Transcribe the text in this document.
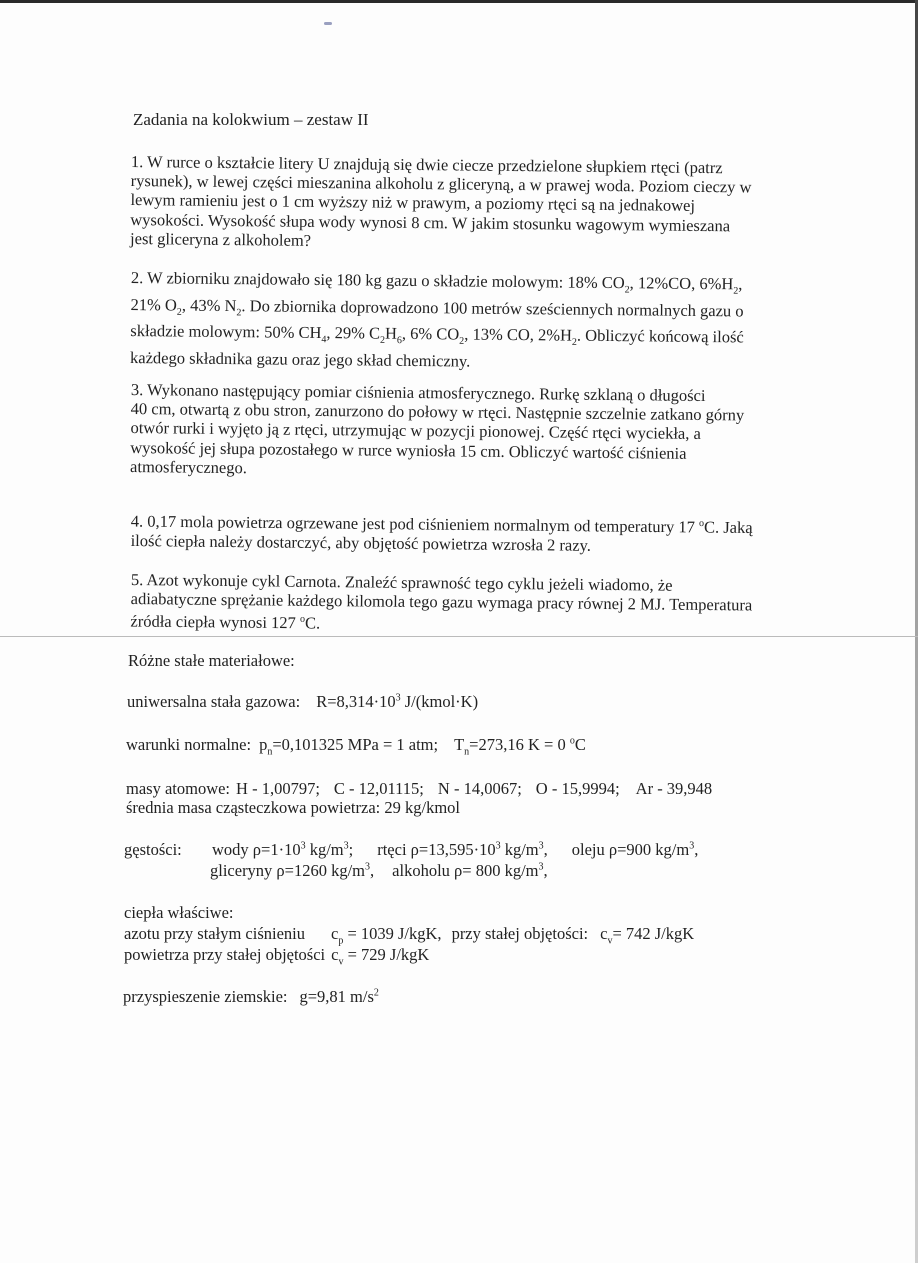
Zadania na kolokwium – zestaw II
1. W rurce o kształcie litery U znajdują się dwie ciecze przedzielone słupkiem rtęci (patrz
rysunek), w lewej części mieszanina alkoholu z gliceryną, a w prawej woda. Poziom cieczy w
lewym ramieniu jest o 1 cm wyższy niż w prawym, a poziomy rtęci są na jednakowej
wysokości. Wysokość słupa wody wynosi 8 cm. W jakim stosunku wagowym wymieszana
jest gliceryna z alkoholem?
2. W zbiorniku znajdowało się 180 kg gazu o składzie molowym: 18% $CO_2$, 12%CO, $6\%H_2$,
21% $O_2$, 43% $N_2$. Do zbiornika doprowadzono 100 metrów sześciennych normalnych gazu o
składzie molowym: 50% $CH_4$, 29% $C_2H_6$, 6% $CO_2$, 13% CO, $2\%H_2$. Obliczyć końcową ilość
każdego składnika gazu oraz jego skład chemiczny.
3. Wykonano następujący pomiar ciśnienia atmosferycznego. Rurkę szklaną o długości
40 cm, otwartą z obu stron, zanurzono do połowy w rtęci. Następnie szczelnie zatkano górny
otwór rurki i wyjęto ją z rtęci, utrzymując w pozycji pionowej. Część rtęci wyciekła, a
wysokość jej słupa pozostałego w rurce wyniosła 15 cm. Obliczyć wartość ciśnienia
atmosferycznego.
4. 0,17 mola powietrza ogrzewane jest pod ciśnieniem normalnym od temperatury 17 $^o$C. Jaką
ilość ciepła należy dostarczyć, aby objętość powietrza wzrosła 2 razy.
5. Azot wykonuje cykl Carnota. Znaleźć sprawność tego cyklu jeżeli wiadomo, że
adiabatyczne sprężanie każdego kilomola tego gazu wymaga pracy równej 2 MJ. Temperatura
źródła ciepła wynosi 127 $^o$C.
Różne stałe materiałowe:
uniwersalna stała gazowa: $R=8,314\cdot 10^3$ J/(kmol·K)
warunki normalne: $p_n=0,101325$ MPa = 1 atm; $T_n=273,16$ K = 0 $^o$C
masy atomowe: H - 1,00797; C - 12,01115; N - 14,0067; O - 15,9994; Ar - 39,948
średnia masa cząsteczkowa powietrza: 29 kg/kmol
gęstości: wody $\rho=1\cdot 10^3$ $kg/m^3$; rtęci $\rho=13,595\cdot 10^3$ $kg/m^3$, oleju ρ=900 $kg/m^3$,
gliceryny ρ=1260 $kg/m^3$, alkoholu ρ= 800 $kg/m^3$,
ciepła właściwe:
azotu przy stałym ciśnieniu $c_p = 1039$ J/kgK, przy stałej objętości: $c_v= 742$ J/kgK
powietrza przy stałej objętości $c_v = 729$ J/kgK
przyspieszenie ziemskie: g=9,81 $m/s^2$
